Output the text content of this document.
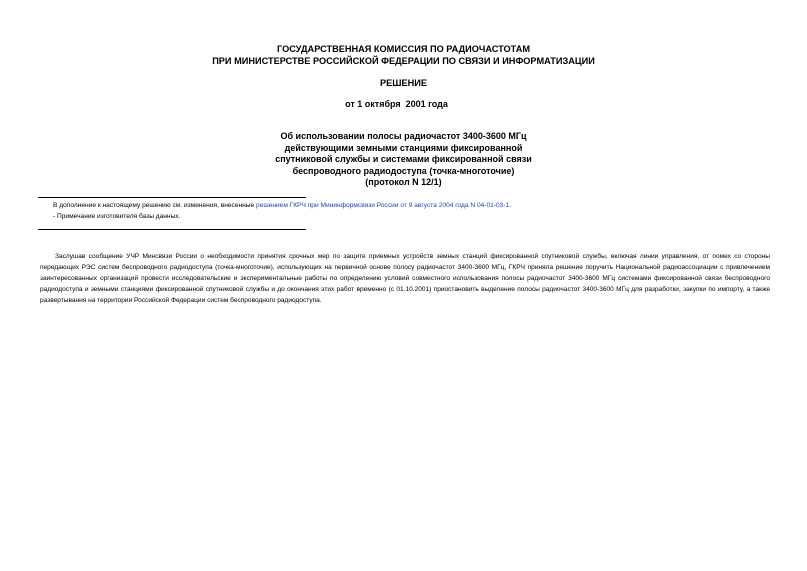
ГОСУДАРСТВЕННАЯ КОМИССИЯ ПО РАДИОЧАСТОТАМ
ПРИ МИНИСТЕРСТВЕ РОССИЙСКОЙ ФЕДЕРАЦИИ ПО СВЯЗИ И ИНФОРМАТИЗАЦИИ
РЕШЕНИЕ
от 1 октября  2001 года
Об использовании полосы радиочастот 3400-3600 МГц
действующими земными станциями фиксированной
спутниковой службы и системами фиксированной связи
беспроводного радиодоступа (точка-многоточие)
(протокол N 12/1)
В дополнение к настоящему решению см. изменения, внесенные решением ГКРЧ при Мининформсвязи России от 9 августа 2004 года N 04-01-03-1.
- Примечание изготовителя базы данных.
Заслушав сообщение УЧР Минсвязи России о необходимости принятия срочных мер по защите приемных устройств земных станций фиксированной спутниковой службы, включая линии управления, от помех со стороны передающих РЭС систем беспроводного радиодоступа (точка-многоточие), использующих на первичной основе полосу радиочастот 3400-3600 МГц, ГКРЧ приняла решение поручить Национальной радиоассоциации с привлечением заинтересованных организаций провести исследовательские и экспериментальные работы по определению условий совместного использования полосы радиочастот 3400-3600 МГц системами фиксированной связи беспроводного радиодоступа и земными станциями фиксированной спутниковой службы и до окончания этих работ временно (с 01.10.2001) приостановить выделение полосы радиочастот 3400-3600 МГц для разработки, закупки по импорту, а также развертывания на территории Российской Федерации систем беспроводного радиодоступа.
